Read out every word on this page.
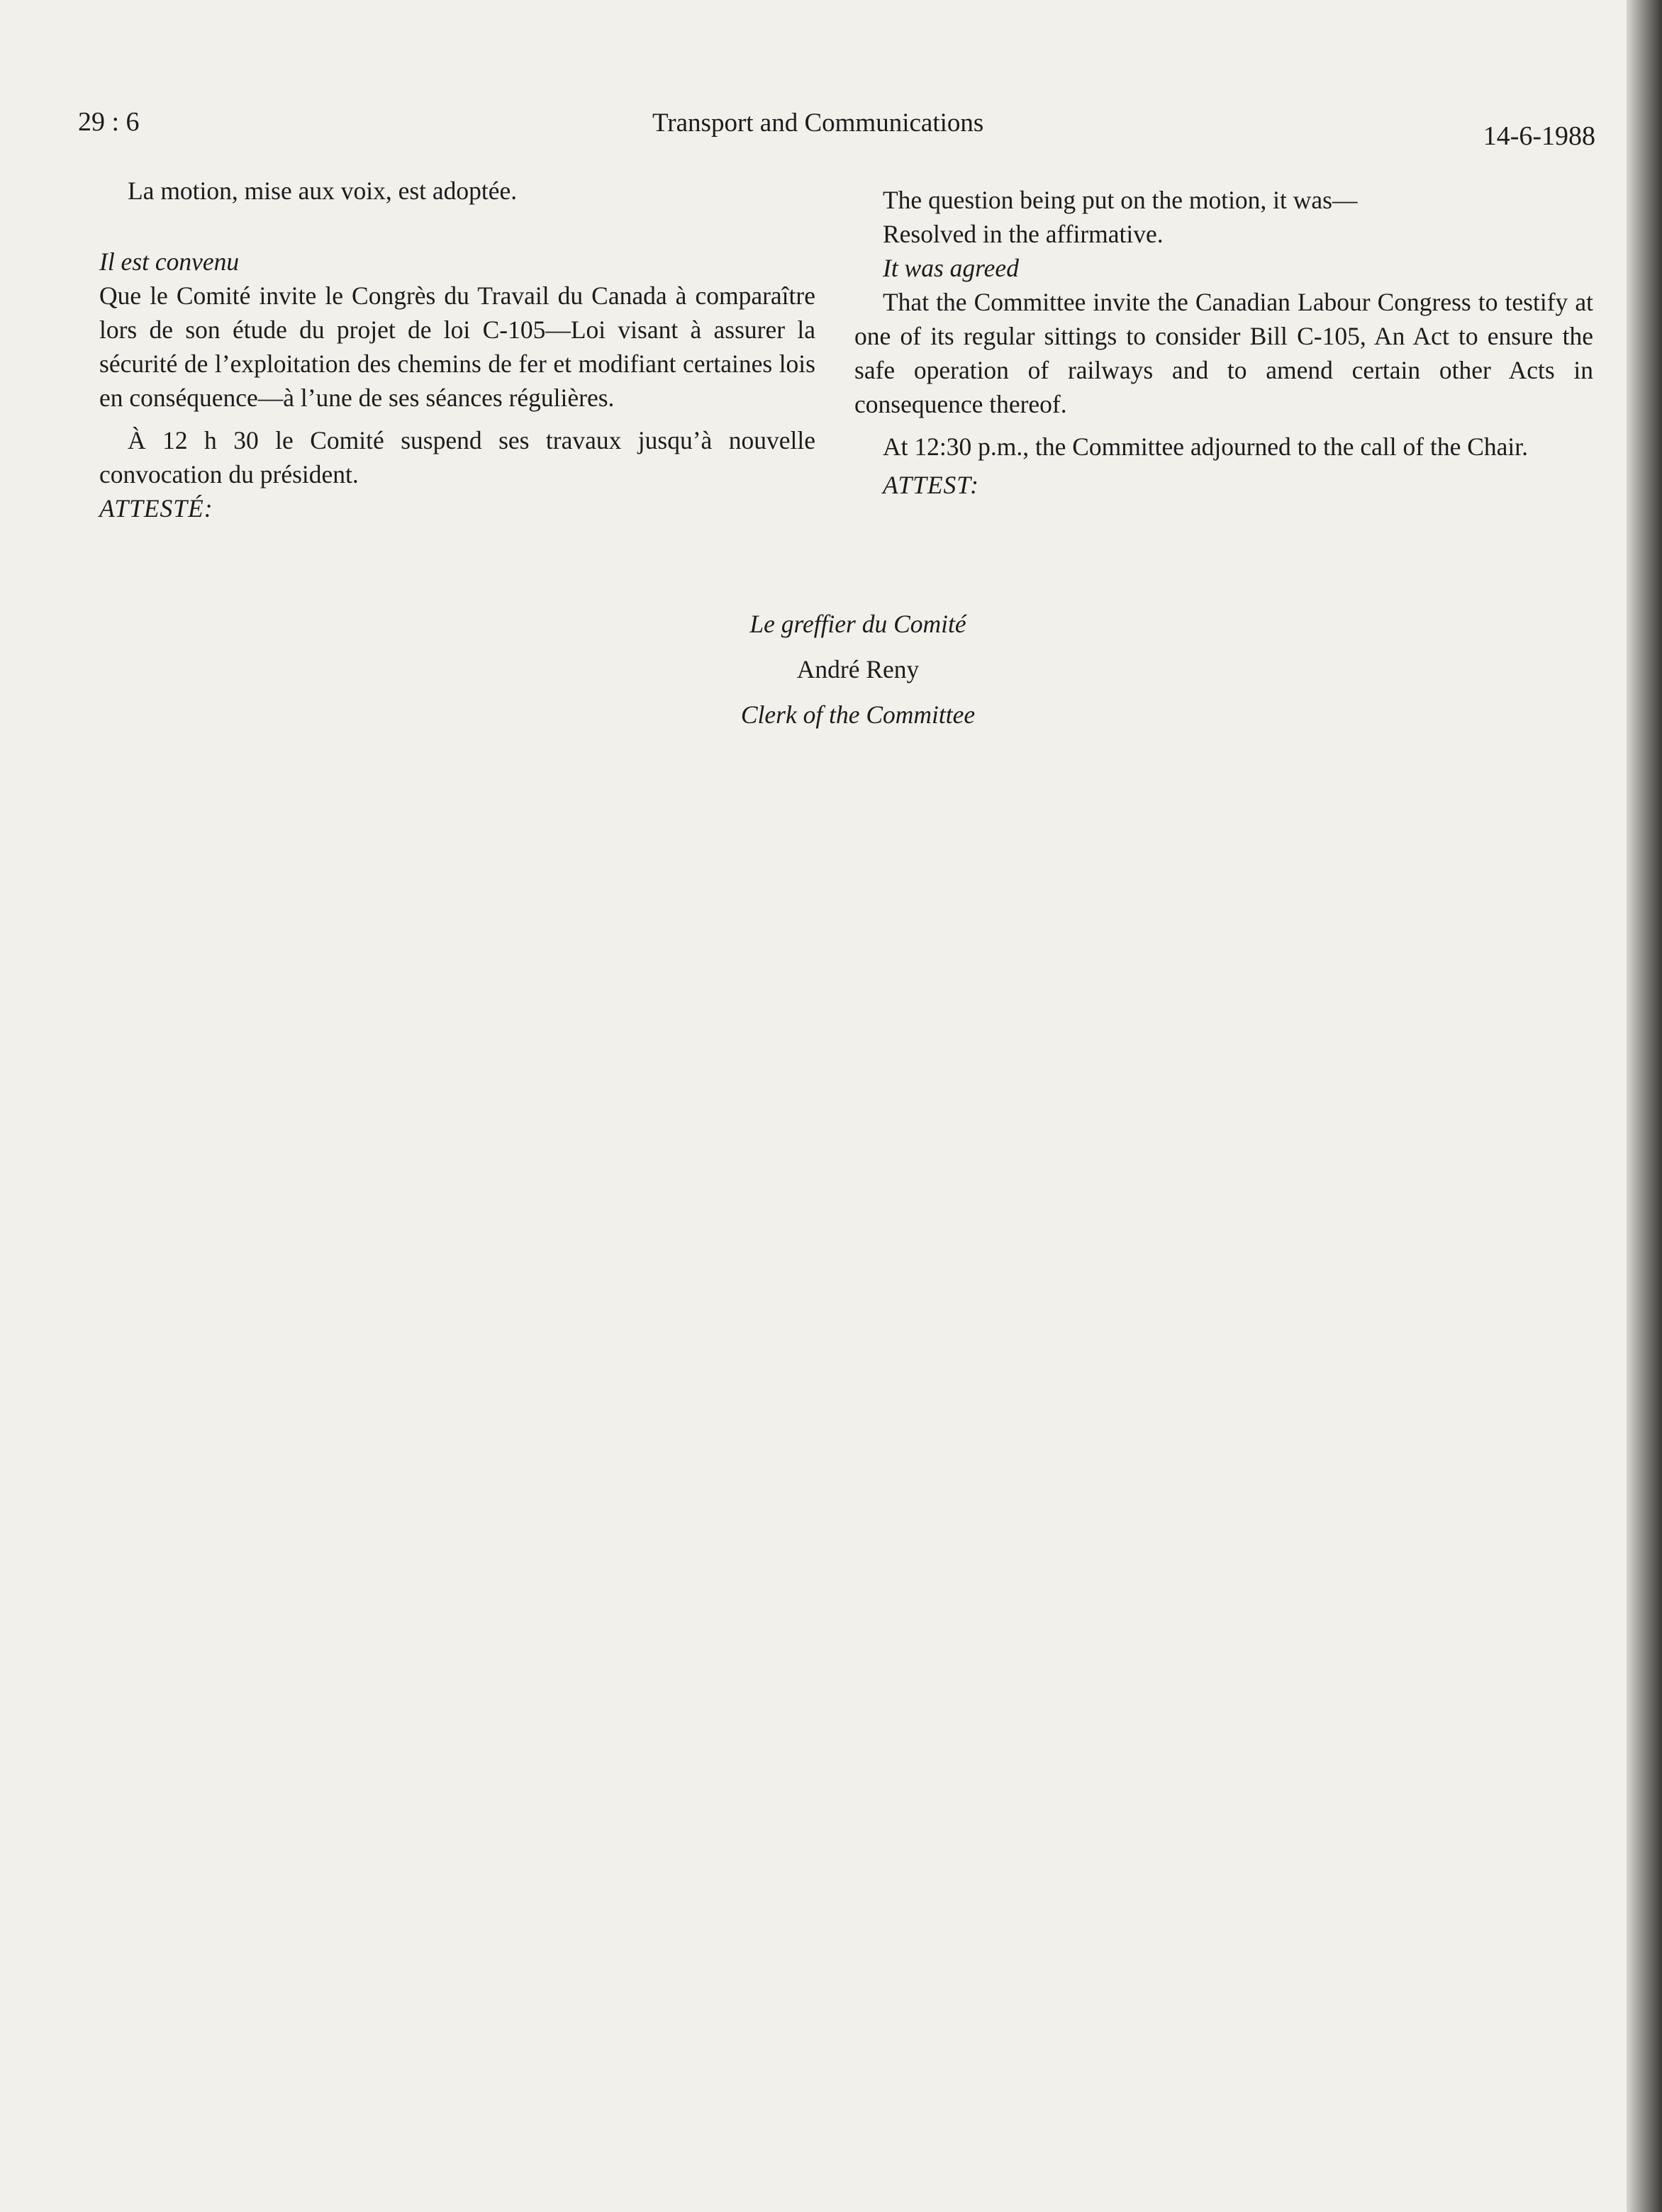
29 : 6	Transport and Communications	14-6-1988

La motion, mise aux voix, est adoptée.

Il est convenu

Que le Comité invite le Congrès du Travail du Canada à comparaître lors de son étude du projet de loi C-105—Loi visant à assurer la sécurité de l’exploitation des chemins de fer et modifiant certaines lois en conséquence—à l’une de ses séances régulières.

À 12 h 30 le Comité suspend ses travaux jusqu’à nouvelle convocation du président.

ATTESTÉ:

The question being put on the motion, it was—

Resolved in the affirmative.

It was agreed

That the Committee invite the Canadian Labour Congress to testify at one of its regular sittings to consider Bill C-105, An Act to ensure the safe operation of railways and to amend certain other Acts in consequence thereof.

At 12:30 p.m., the Committee adjourned to the call of the Chair.

ATTEST:

Le greffier du Comité
André Reny
Clerk of the Committee
